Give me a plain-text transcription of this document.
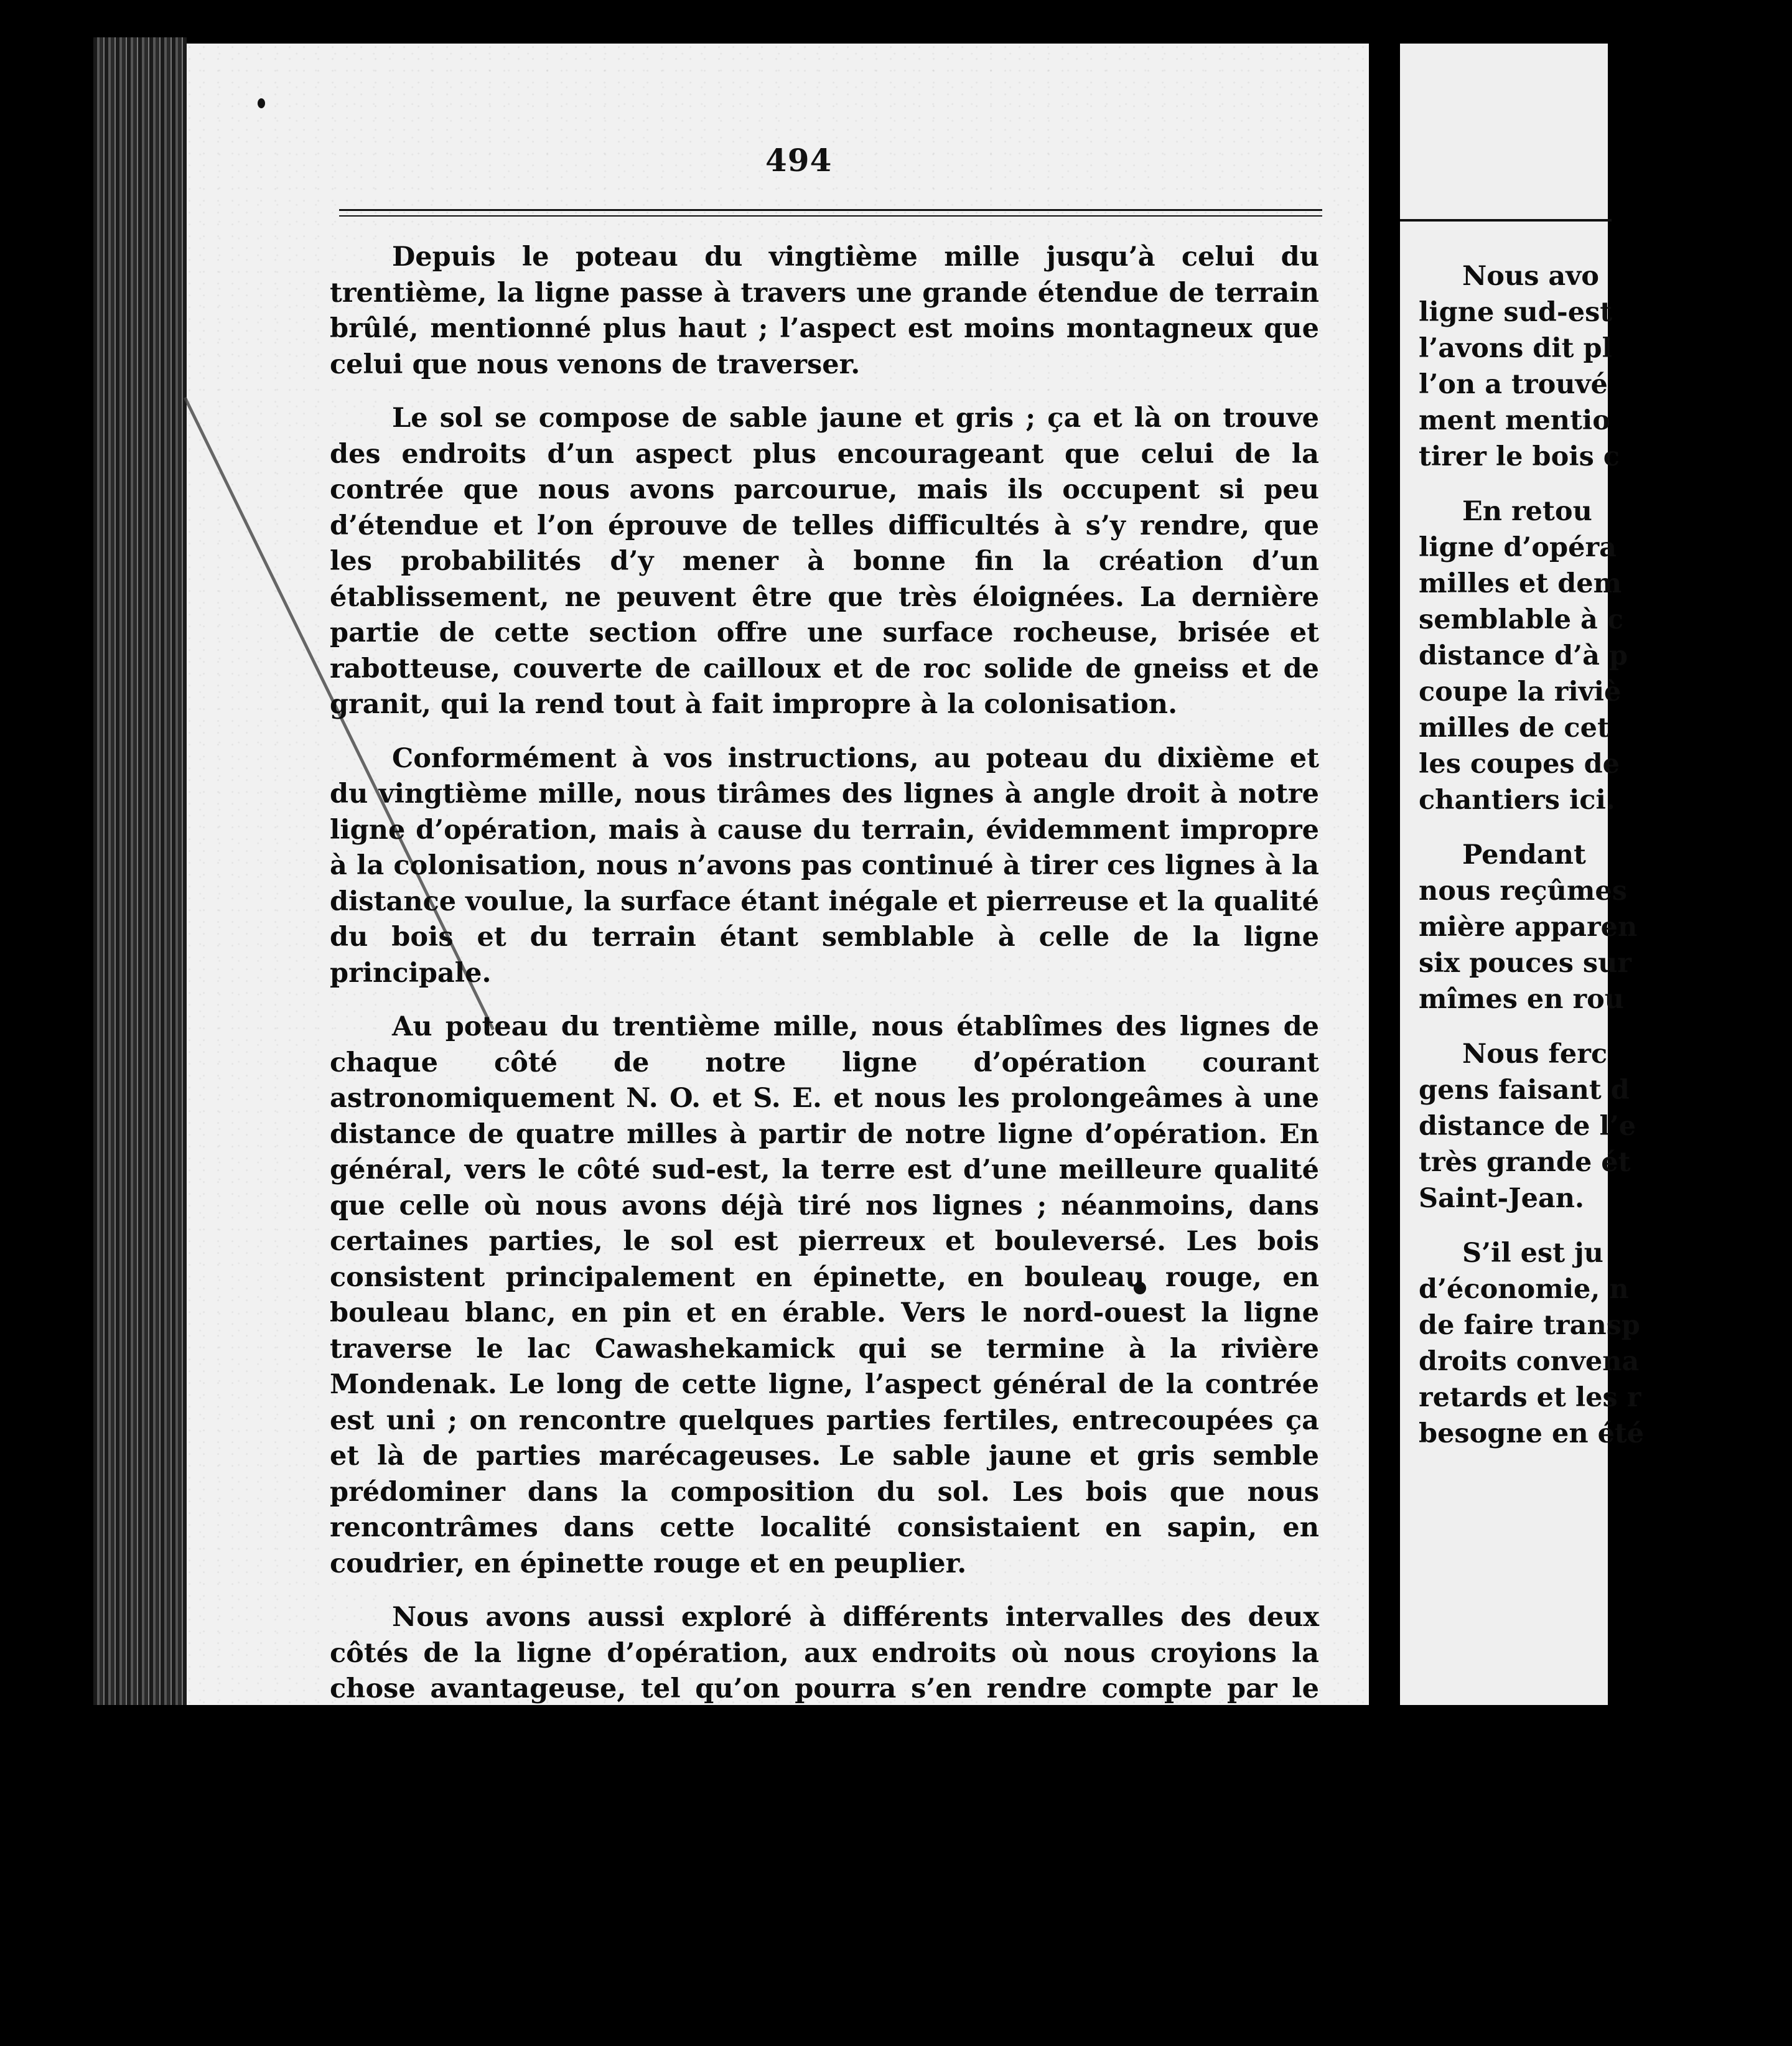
494

Depuis le poteau du vingtième mille jusqu’à celui du trentième, la ligne passe à travers une grande étendue de terrain brûlé, mentionné plus haut ; l’aspect est moins montagneux que celui que nous venons de traverser.

Le sol se compose de sable jaune et gris ; ça et là on trouve des endroits d’un aspect plus encourageant que celui de la contrée que nous avons parcourue, mais ils occupent si peu d’étendue et l’on éprouve de telles difficultés à s’y rendre, que les probabilités d’y mener à bonne fin la création d’un établissement, ne peuvent être que très éloignées. La dernière partie de cette section offre une surface rocheuse, brisée et rabotteuse, couverte de cailloux et de roc solide de gneiss et de granit, qui la rend tout à fait impropre à la colonisation.

Conformément à vos instructions, au poteau du dixième et du vingtième mille, nous tirâmes des lignes à angle droit à notre ligne d’opération, mais à cause du terrain, évidemment impropre à la colonisation, nous n’avons pas continué à tirer ces lignes à la distance voulue, la surface étant inégale et pierreuse et la qualité du bois et du terrain étant semblable à celle de la ligne principale.

Au poteau du trentième mille, nous établîmes des lignes de chaque côté de notre ligne d’opération courant astronomiquement N. O. et S. E. et nous les prolongeâmes à une distance de quatre milles à partir de notre ligne d’opération. En général, vers le côté sud-est, la terre est d’une meilleure qualité que celle où nous avons déjà tiré nos lignes ; néanmoins, dans certaines parties, le sol est pierreux et bouleversé. Les bois consistent principalement en épinette, en bouleau rouge, en bouleau blanc, en pin et en érable. Vers le nord-ouest la ligne traverse le lac Cawashekamick qui se termine à la rivière Mondenak. Le long de cette ligne, l’aspect général de la contrée est uni ; on rencontre quelques parties fertiles, entrecoupées ça et là de parties marécageuses. Le sable jaune et gris semble prédominer dans la composition du sol. Les bois que nous rencontrâmes dans cette localité consistaient en sapin, en coudrier, en épinette rouge et en peuplier.

Nous avons aussi exploré à différents intervalles des deux côtés de la ligne d’opération, aux endroits où nous croyions la chose avantageuse, tel qu’on pourra s’en rendre compte par le

Nous avo
ligne sud-est
l’avons dit pl
l’on a trouvé
ment mentio
tirer le bois c
En retou
ligne d’opéra
milles et dem
semblable à c
distance d’à p
coupe la riviè
milles de cet
les coupes de
chantiers ici.
Pendant
nous reçûmes
mière apparen
six pouces sur
mîmes en rou
Nous ferc
gens faisant d
distance de l’e
très grande ét
Saint-Jean.
S’il est ju
d’économie, n
de faire transp
droits convena
retards et les r
besogne en été
